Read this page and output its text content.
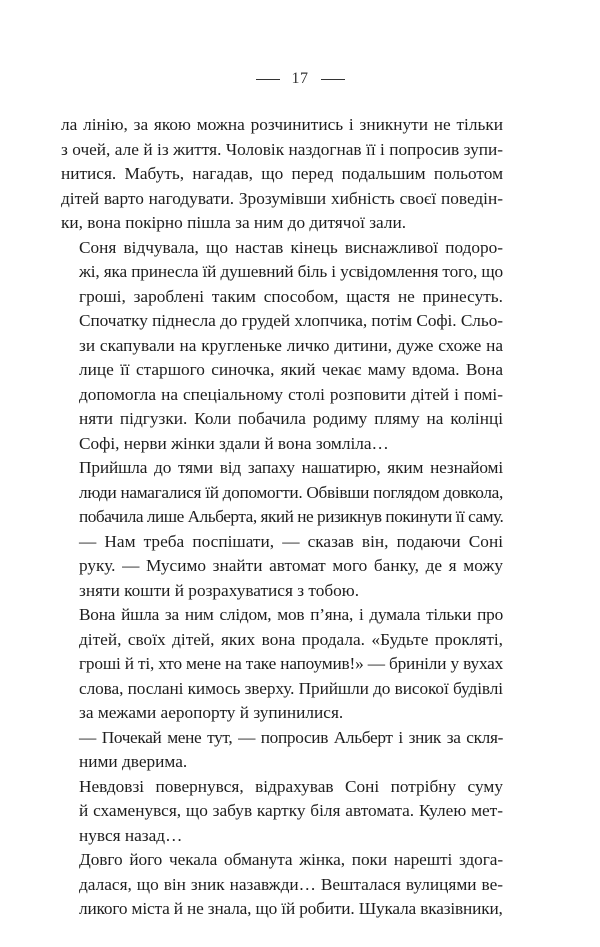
17

ла лінію, за якою можна розчинитись і зникнути не тільки
з очей, але й із життя. Чоловік наздогнав її і попросив зупи-
нитися. Мабуть, нагадав, що перед подальшим польотом
дітей варто нагодувати. Зрозумівши хибність своєї поведін-
ки, вона покірно пішла за ним до дитячої зали.

Соня відчувала, що настав кінець виснажливої подоро-
жі, яка принесла їй душевний біль і усвідомлення того, що
гроші, зароблені таким способом, щастя не принесуть.
Спочатку піднесла до грудей хлопчика, потім Софі. Сльо-
зи скапували на кругленьке личко дитини, дуже схоже на
лице її старшого синочка, який чекає маму вдома. Вона
допомогла на спеціальному столі розповити дітей і помі-
няти підгузки. Коли побачила родиму пляму на колінці
Софі, нерви жінки здали й вона зомліла…

Прийшла до тями від запаху нашатирю, яким незнайомі
люди намагалися їй допомогти. Обвівши поглядом довкола,
побачила лише Альберта, який не ризикнув покинути її саму.

— Нам треба поспішати, — сказав він, подаючи Соні
руку. — Мусимо знайти автомат мого банку, де я можу
зняти кошти й розрахуватися з тобою.

Вона йшла за ним слідом, мов п’яна, і думала тільки про
дітей, своїх дітей, яких вона продала. «Будьте прокляті,
гроші й ті, хто мене на таке напоумив!» — бриніли у вухах
слова, послані кимось зверху. Прийшли до високої будівлі
за межами аеропорту й зупинилися.

— Почекай мене тут, — попросив Альберт і зник за скля-
ними дверима.

Невдовзі повернувся, відрахував Соні потрібну суму
й схаменувся, що забув картку біля автомата. Кулею мет-
нувся назад…

Довго його чекала обманута жінка, поки нарешті здога-
далася, що він зник назавжди… Вешталася вулицями ве-
ликого міста й не знала, що їй робити. Шукала вказівники,
